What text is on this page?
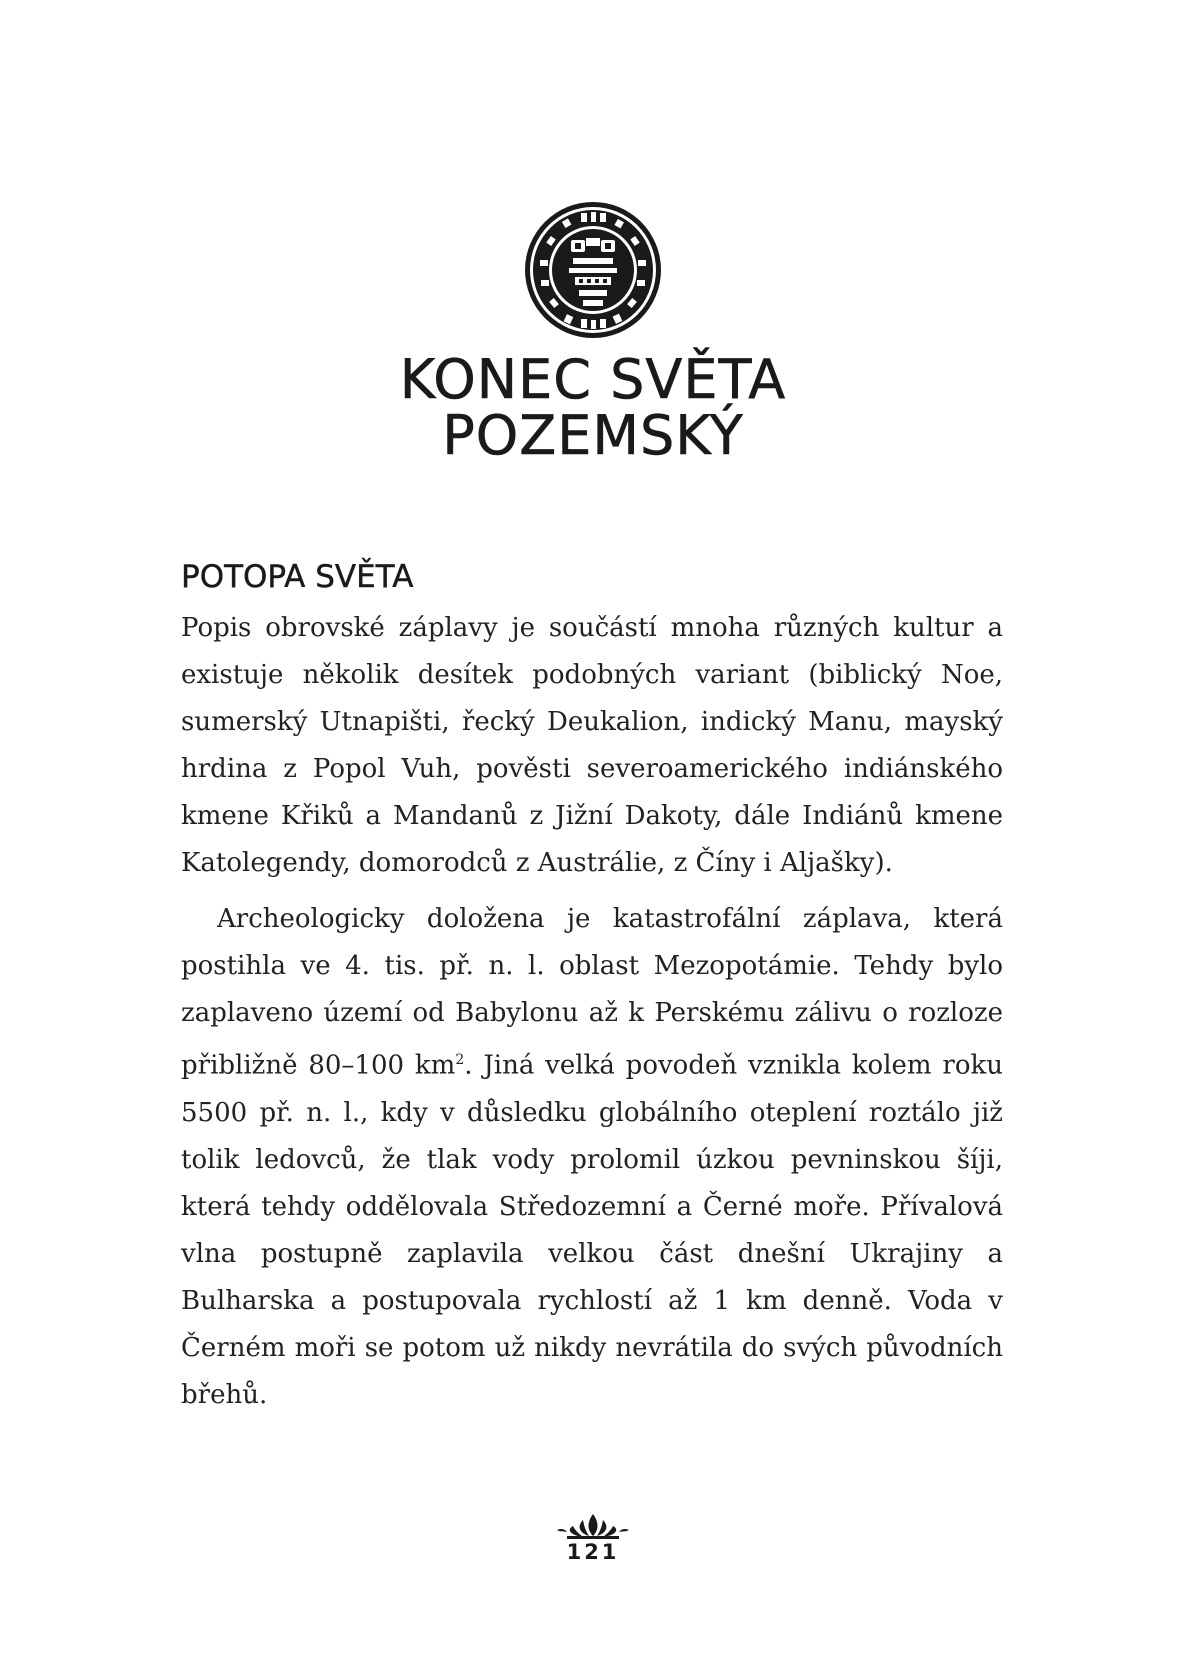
KONEC SVĚTA
POZEMSKÝ
POTOPA SVĚTA

Popis obrovské záplavy je součástí mnoha různých kultur a existuje několik desítek podobných variant (biblický Noe, sumerský Utnapišti, řecký Deukalion, indický Manu, mayský hrdina z Popol Vuh, pověsti severoamerického indiánského kmene Křiků a Mandanů z Jižní Dakoty, dále Indiánů kmene Katolegendy, domorodců z Austrálie, z Číny i Aljašky).

Archeologicky doložena je katastrofální záplava, která postihla ve 4. tis. př. n. l. oblast Mezopotámie. Tehdy bylo zaplaveno území od Babylonu až k Perskému zálivu o rozloze přibližně 80–100 $km^2$. Jiná velká povodeň vznikla kolem roku 5500 př. n. l., kdy v důsledku globálního oteplení roztálo již tolik ledovců, že tlak vody prolomil úzkou pevninskou šíji, která tehdy oddělovala Středozemní a Černé moře. Přívalová vlna postupně zaplavila velkou část dnešní Ukrajiny a Bulharska a postupovala rychlostí až 1 km denně. Voda v Černém moři se potom už nikdy nevrátila do svých původních břehů.

121
